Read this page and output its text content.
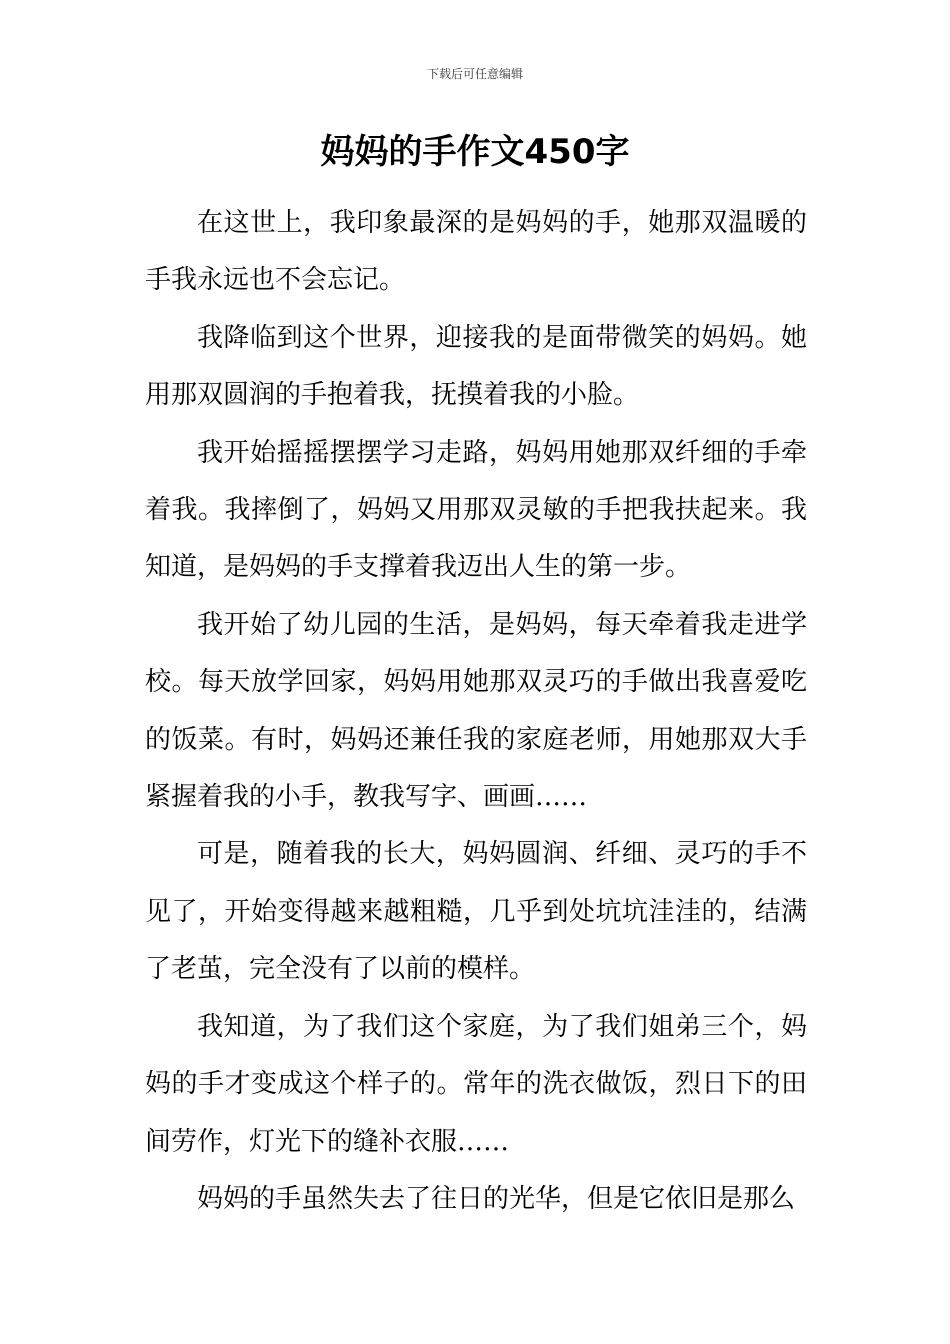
下载后可任意编辑
妈妈的手作文450字

在这世上，我印象最深的是妈妈的手，她那双温暖的手我永远也不会忘记。

我降临到这个世界，迎接我的是面带微笑的妈妈。她用那双圆润的手抱着我，抚摸着我的小脸。

我开始摇摇摆摆学习走路，妈妈用她那双纤细的手牵着我。我摔倒了，妈妈又用那双灵敏的手把我扶起来。我知道，是妈妈的手支撑着我迈出人生的第一步。

我开始了幼儿园的生活，是妈妈，每天牵着我走进学校。每天放学回家，妈妈用她那双灵巧的手做出我喜爱吃的饭菜。有时，妈妈还兼任我的家庭老师，用她那双大手紧握着我的小手，教我写字、画画……

可是，随着我的长大，妈妈圆润、纤细、灵巧的手不见了，开始变得越来越粗糙，几乎到处坑坑洼洼的，结满了老茧，完全没有了以前的模样。

我知道，为了我们这个家庭，为了我们姐弟三个，妈妈的手才变成这个样子的。常年的洗衣做饭，烈日下的田间劳作，灯光下的缝补衣服……

妈妈的手虽然失去了往日的光华，但是它依旧是那么
